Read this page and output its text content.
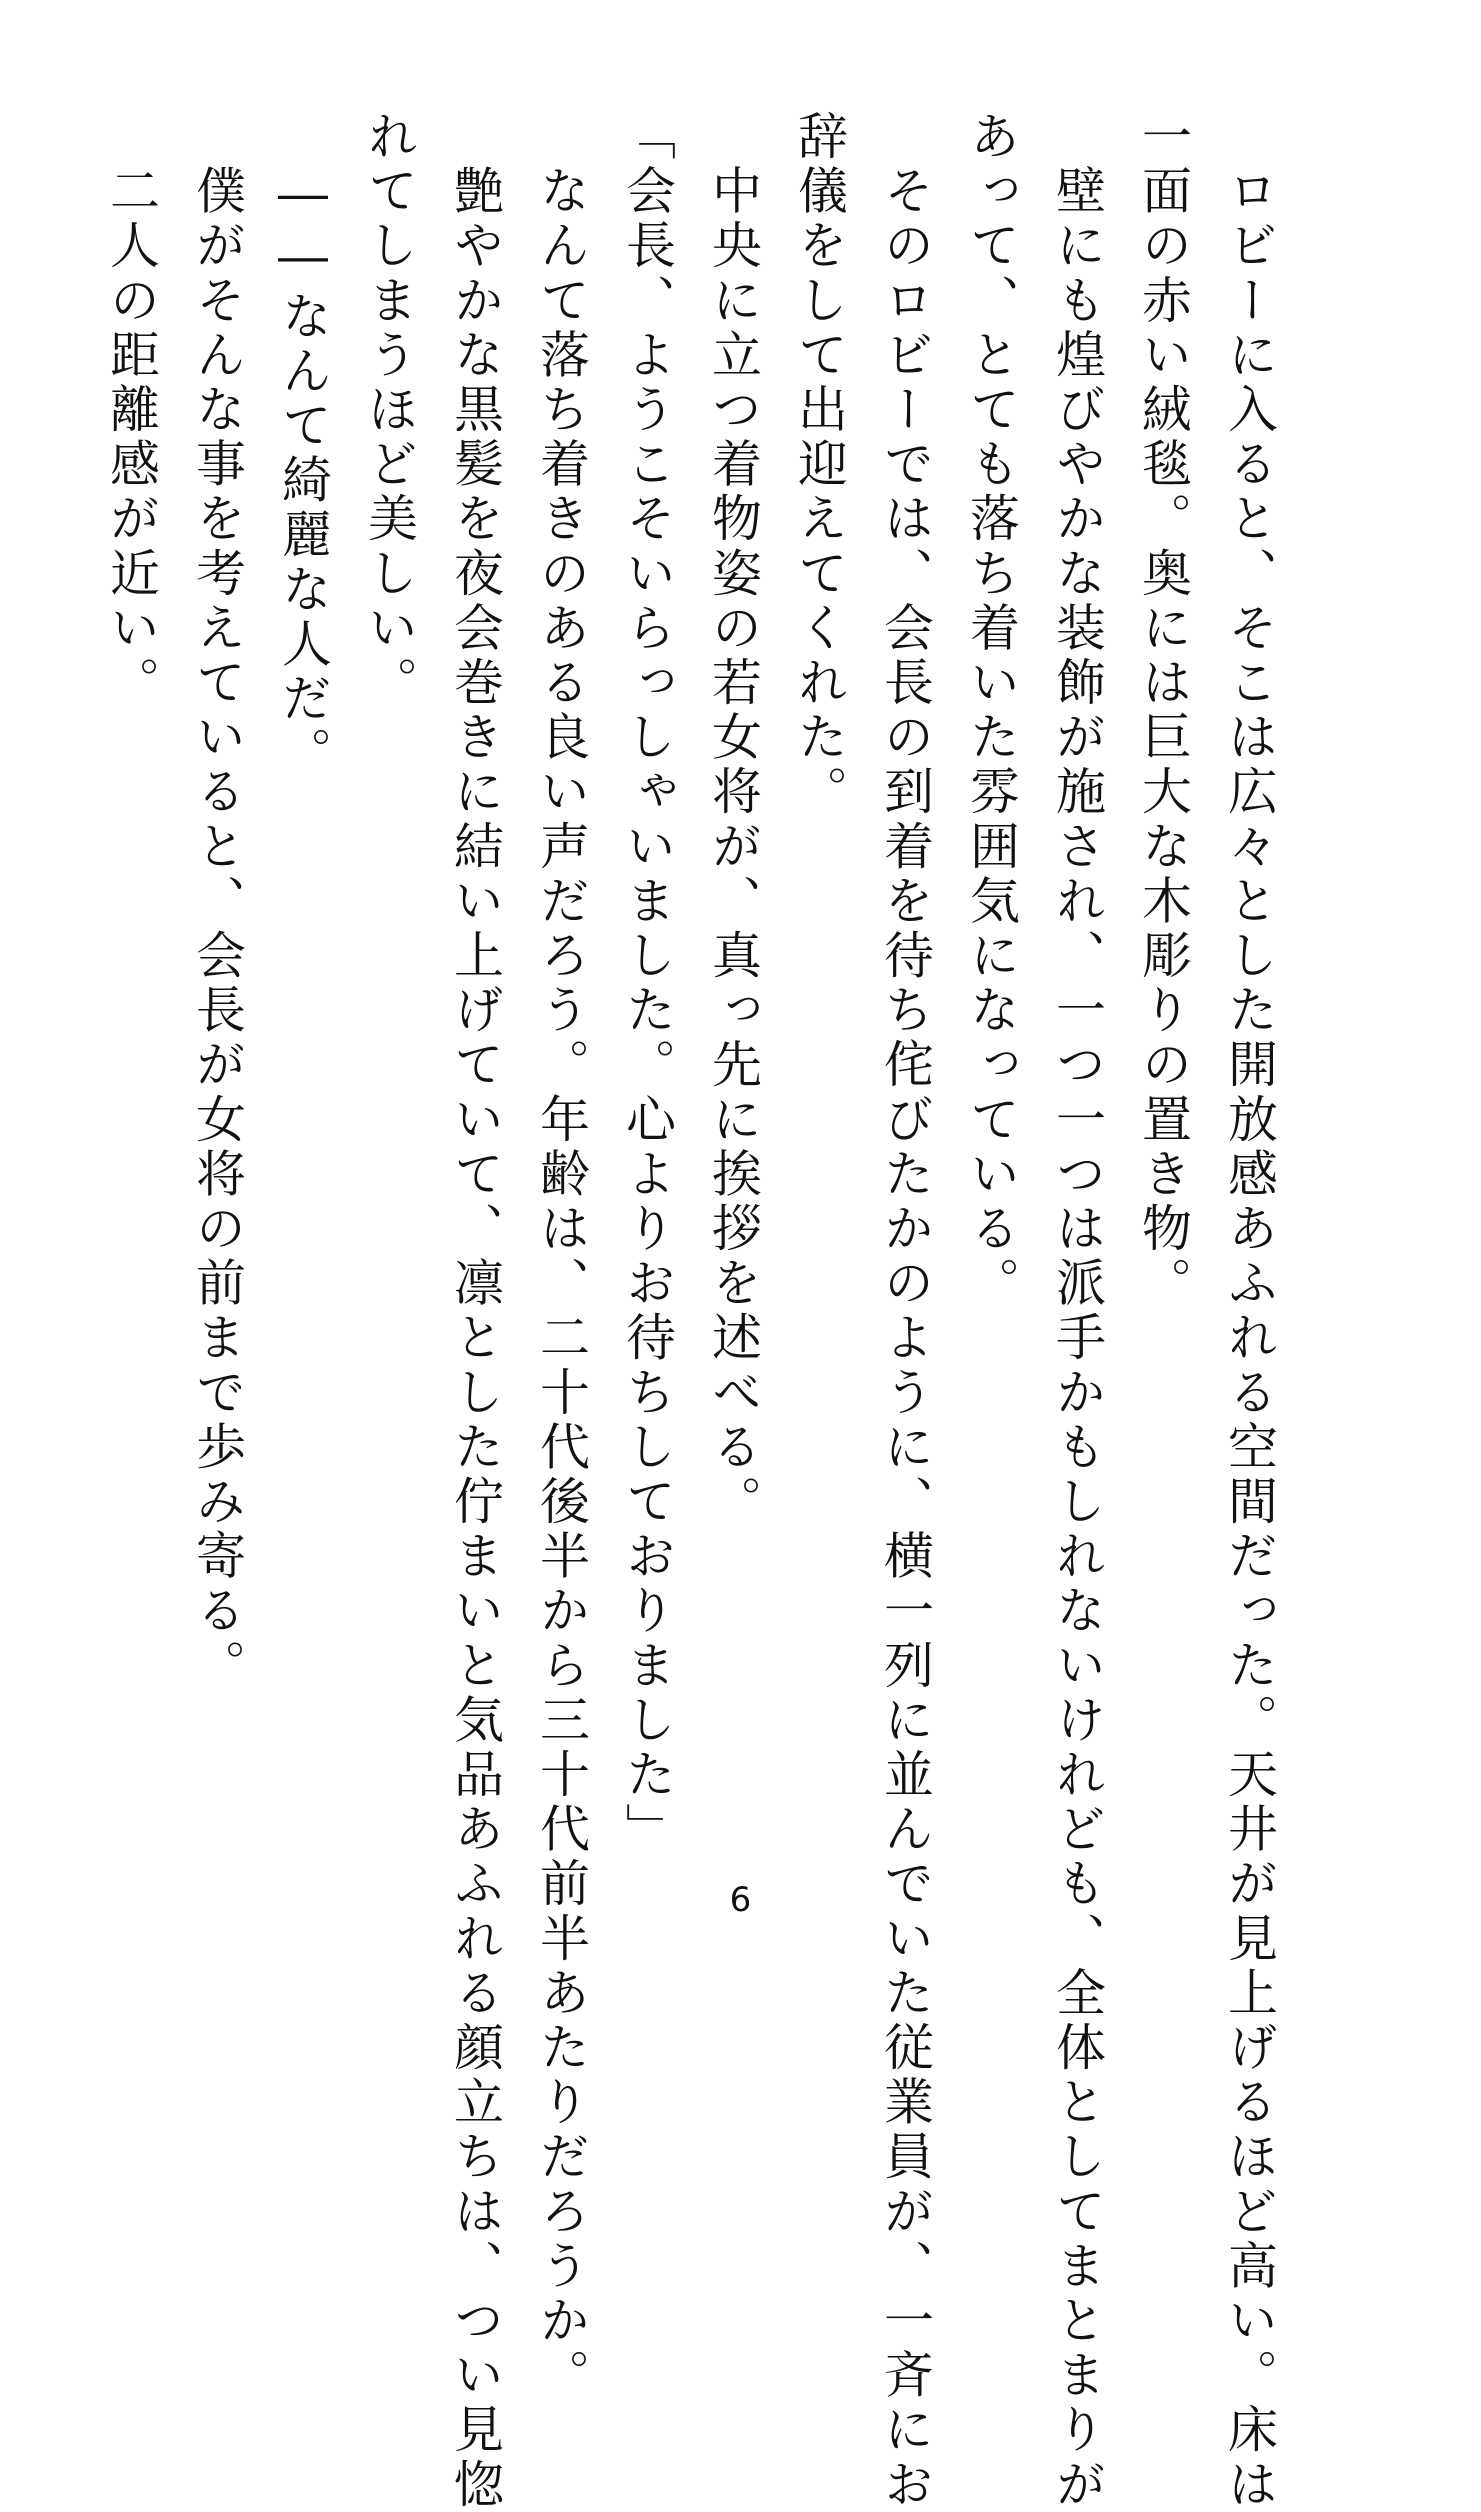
　ロビーに入ると、そこは広々とした開放感あふれる空間だった。天井が見上げるほど高い。床は
一面の赤い絨毯。奥には巨大な木彫りの置き物。
　壁にも煌びやかな装飾が施され、一つ一つは派手かもしれないけれども、全体としてまとまりが
あって、とても落ち着いた雰囲気になっている。
　そのロビーでは、会長の到着を待ち侘びたかのように、横一列に並んでいた従業員が、一斉にお
辞儀をして出迎えてくれた。
　中央に立つ着物姿の若女将が、真っ先に挨拶を述べる。
「会長、ようこそいらっしゃいました。心よりお待ちしておりました」
　なんて落ち着きのある良い声だろう。年齢は、二十代後半から三十代前半あたりだろうか。
　艶やかな黒髪を夜会巻きに結い上げていて、凛とした佇まいと気品あふれる顔立ちは、つい見惚
れてしまうほど美しい。
　――なんて綺麗な人だ。
　僕がそんな事を考えていると、会長が女将の前まで歩み寄る。
　二人の距離感が近い。
6
